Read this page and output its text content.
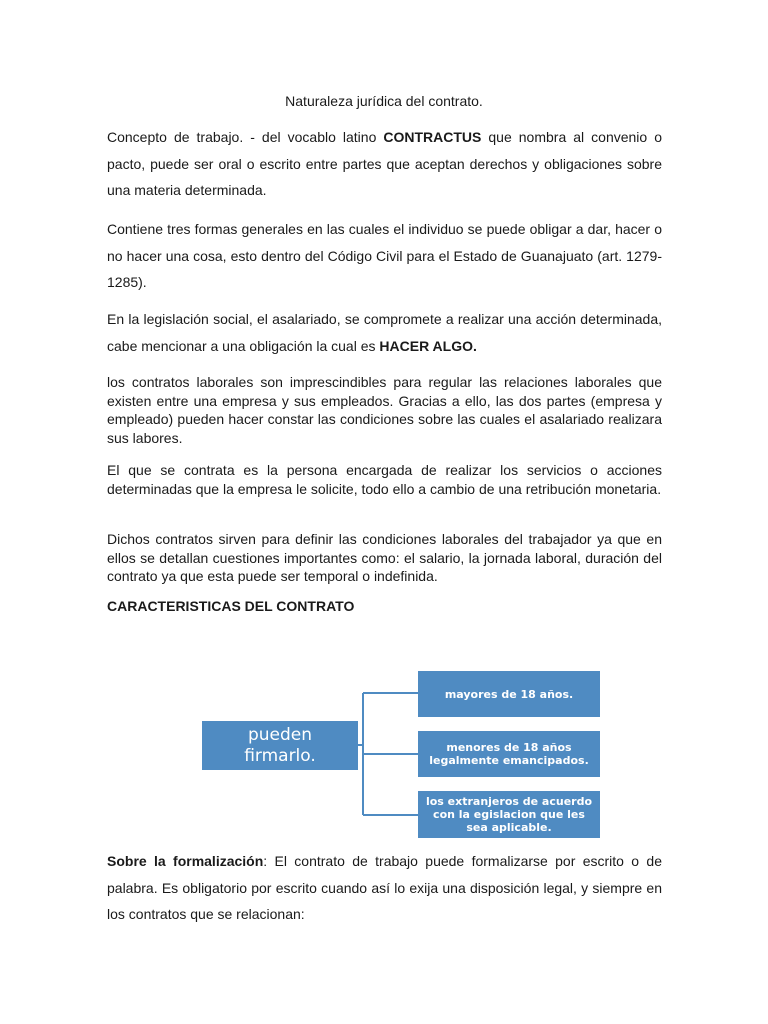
Naturaleza jurídica del contrato.

Concepto de trabajo. - del vocablo latino CONTRACTUS que nombra al convenio o pacto, puede ser oral o escrito entre partes que aceptan derechos y obligaciones sobre una materia determinada.

Contiene tres formas generales en las cuales el individuo se puede obligar a dar, hacer o no hacer una cosa, esto dentro del Código Civil para el Estado de Guanajuato (art. 1279-1285).

En la legislación social, el asalariado, se compromete a realizar una acción determinada, cabe mencionar a una obligación la cual es HACER ALGO.

los contratos laborales son imprescindibles para regular las relaciones laborales que existen entre una empresa y sus empleados. Gracias a ello, las dos partes (empresa y empleado) pueden hacer constar las condiciones sobre las cuales el asalariado realizara sus labores.

El que se contrata es la persona encargada de realizar los servicios o acciones determinadas que la empresa le solicite, todo ello a cambio de una retribución monetaria.

Dichos contratos sirven para definir las condiciones laborales del trabajador ya que en ellos se detallan cuestiones importantes como: el salario, la jornada laboral, duración del contrato ya que esta puede ser temporal o indefinida.

CARACTERISTICAS DEL CONTRATO
pueden firmarlo.
mayores de 18 años.
menores de 18 años legalmente emancipados.
los extranjeros de acuerdo con la egislacion que les sea aplicable.

Sobre la formalización: El contrato de trabajo puede formalizarse por escrito o de palabra. Es obligatorio por escrito cuando así lo exija una disposición legal, y siempre en los contratos que se relacionan:
